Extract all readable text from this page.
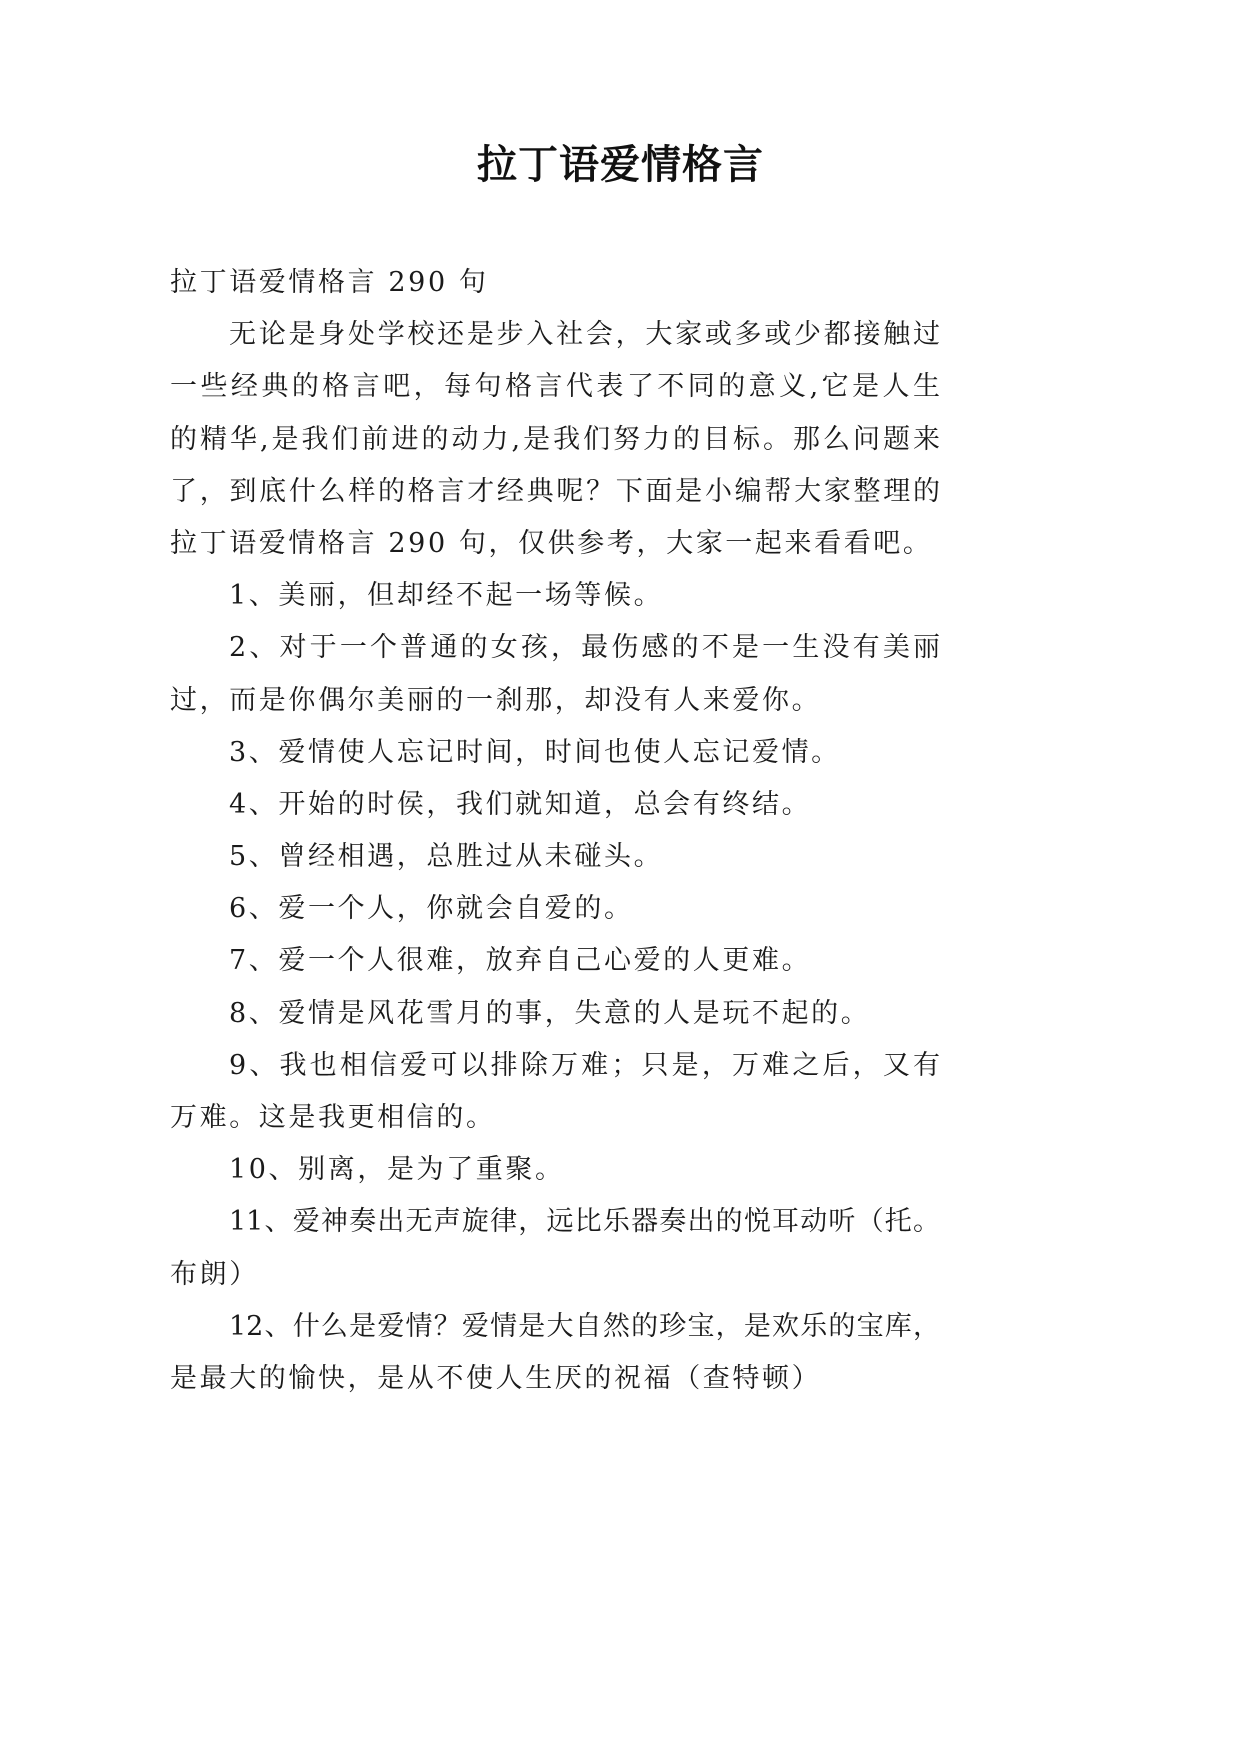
拉丁语爱情格言
拉丁语爱情格言 290 句
无论是身处学校还是步入社会，大家或多或少都接触过
一些经典的格言吧，每句格言代表了不同的意义,它是人生
的精华,是我们前进的动力,是我们努力的目标。那么问题来
了，到底什么样的格言才经典呢？下面是小编帮大家整理的
拉丁语爱情格言 290 句，仅供参考，大家一起来看看吧。
1、美丽，但却经不起一场等候。
2、对于一个普通的女孩，最伤感的不是一生没有美丽
过，而是你偶尔美丽的一刹那，却没有人来爱你。
3、爱情使人忘记时间，时间也使人忘记爱情。
4、开始的时侯，我们就知道，总会有终结。
5、曾经相遇，总胜过从未碰头。
6、爱一个人，你就会自爱的。
7、爱一个人很难，放弃自己心爱的人更难。
8、爱情是风花雪月的事，失意的人是玩不起的。
9、我也相信爱可以排除万难；只是，万难之后，又有
万难。这是我更相信的。
10、别离，是为了重聚。
11、爱神奏出无声旋律，远比乐器奏出的悦耳动听（托。
布朗）
12、什么是爱情？爱情是大自然的珍宝，是欢乐的宝库，
是最大的愉快，是从不使人生厌的祝福（查特顿）
